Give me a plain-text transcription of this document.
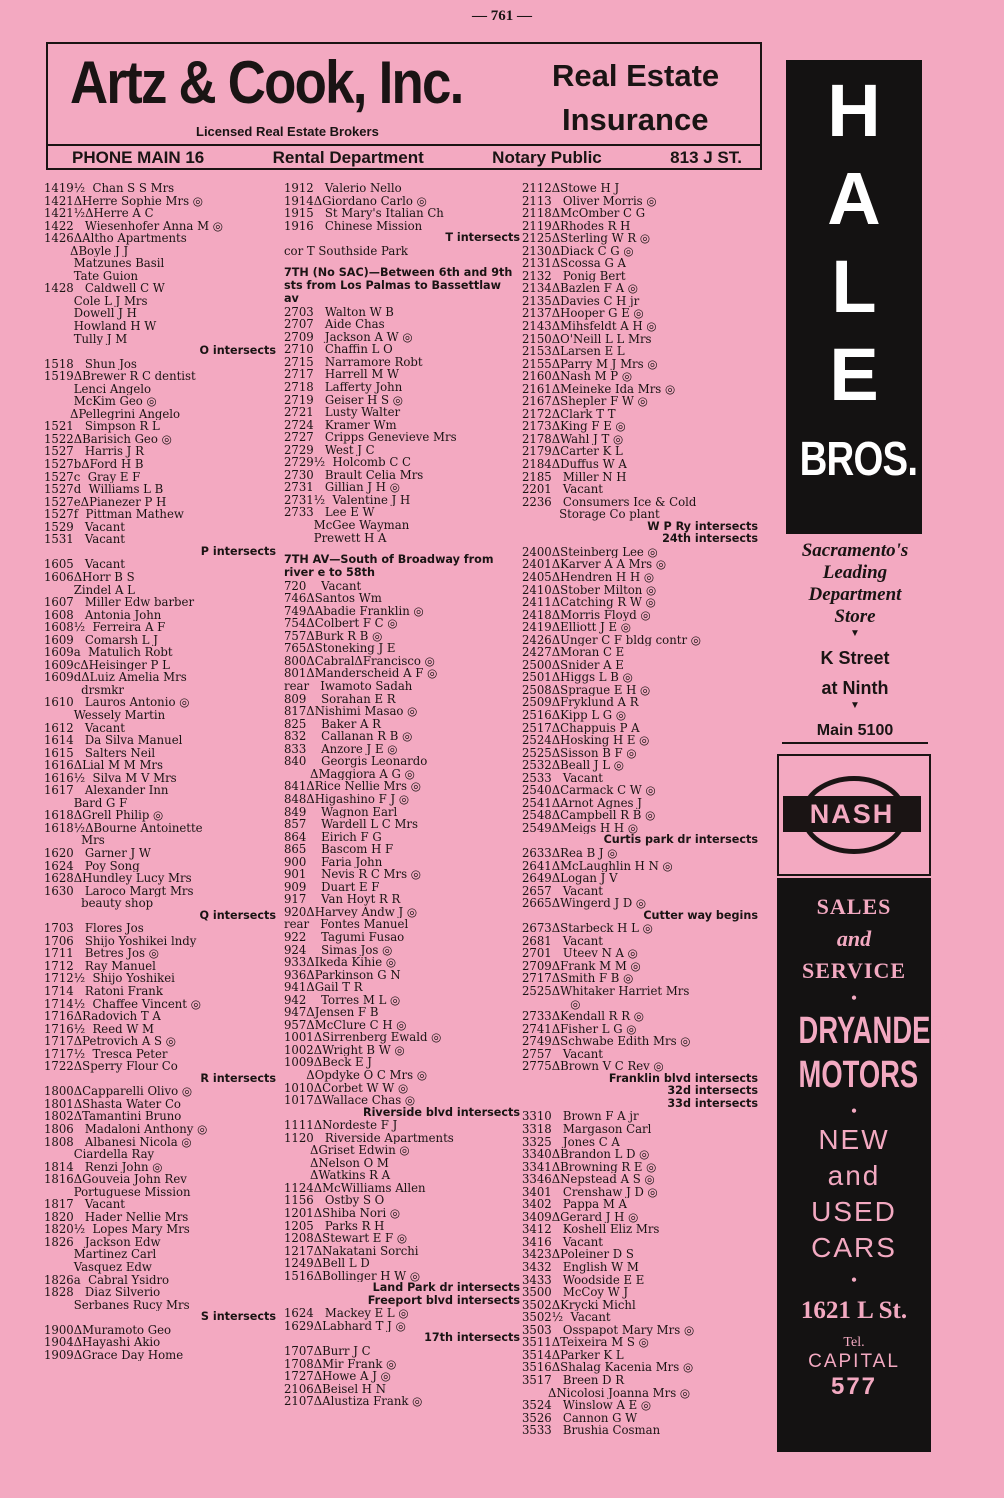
— 761 —
Artz & Cook, Inc.
Licensed Real Estate Brokers
Real Estate
Insurance
PHONE MAIN 16	Rental Department	Notary Public	813 J ST.
1419½  Chan S S Mrs
1421ΔHerre Sophie Mrs ◎
1421½ΔHerre A C
1422   Wiesenhofer Anna M ◎
1426ΔAltho Apartments
ΔBoyle J J
Matzunes Basil
Tate Guion
1428   Caldwell C W
Cole L J Mrs
Dowell J H
Howland H W
Tully J M
O intersects
1518   Shun Jos
1519ΔBrewer R C dentist
Lenci Angelo
McKim Geo ◎
ΔPellegrini Angelo
1521   Simpson R L
1522ΔBarisich Geo ◎
1527   Harris J R
1527bΔFord H B
1527c  Gray E F
1527d  Williams L B
1527eΔPianezer P H
1527f  Pittman Mathew
1529   Vacant
1531   Vacant
P intersects
1605   Vacant
1606ΔHorr B S
Zindel A L
1607   Miller Edw barber
1608   Antonia John
1608½  Ferreira A F
1609   Comarsh L J
1609a  Matulich Robt
1609cΔHeisinger P L
1609dΔLuiz Amelia Mrs
drsmkr
1610   Lauros Antonio ◎
Wessely Martin
1612   Vacant
1614   Da Silva Manuel
1615   Salters Neil
1616ΔLial M M Mrs
1616½  Silva M V Mrs
1617   Alexander Inn
Bard G F
1618ΔGrell Philip ◎
1618½ΔBourne Antoinette
Mrs
1620   Garner J W
1624   Poy Song
1628ΔHundley Lucy Mrs
1630   Laroco Margt Mrs
beauty shop
Q intersects
1703   Flores Jos
1706   Shijo Yoshikei lndy
1711   Betres Jos ◎
1712   Ray Manuel
1712½  Shijo Yoshikei
1714   Ratoni Frank
1714½  Chaffee Vincent ◎
1716ΔRadovich T A
1716½  Reed W M
1717ΔPetrovich A S ◎
1717½  Tresca Peter
1722ΔSperry Flour Co
R intersects
1800ΔCapparelli Olivo ◎
1801ΔShasta Water Co
1802ΔTamantini Bruno
1806   Madaloni Anthony ◎
1808   Albanesi Nicola ◎
Ciardella Ray
1814   Renzi John ◎
1816ΔGouveia John Rev
Portuguese Mission
1817   Vacant
1820   Hader Nellie Mrs
1820½  Lopes Mary Mrs
1826   Jackson Edw
Martinez Carl
Vasquez Edw
1826a  Cabral Ysidro
1828   Diaz Silverio
Serbanes Rucy Mrs
S intersects
1900ΔMuramoto Geo
1904ΔHayashi Akio
1909ΔGrace Day Home
1912   Valerio Nello
1914ΔGiordano Carlo ◎
1915   St Mary's Italian Ch
1916   Chinese Mission
T intersects
cor T Southside Park
7TH (No SAC)—Between 6th and 9th sts from Los Palmas to Bassettlaw av
2703   Walton W B
2707   Aide Chas
2709   Jackson A W ◎
2710   Chaffin L O
2715   Narramore Robt
2717   Harrell M W
2718   Lafferty John
2719   Geiser H S ◎
2721   Lusty Walter
2724   Kramer Wm
2727   Cripps Genevieve Mrs
2729   West J C
2729½  Holcomb C C
2730   Brault Celia Mrs
2731   Gillian J H ◎
2731½  Valentine J H
2733   Lee E W
McGee Wayman
Prewett H A
7TH AV—South of Broadway from river e to 58th
720    Vacant
746ΔSantos Wm
749ΔAbadie Franklin ◎
754ΔColbert F C ◎
757ΔBurk R B ◎
765ΔStoneking J E
800ΔCabralΔFrancisco ◎
801ΔManderscheid A F ◎
rear   Iwamoto Sadah
809    Sorahan E R
817ΔNishimi Masao ◎
825    Baker A R
832    Callanan R B ◎
833    Anzore J E ◎
840    Georgis Leonardo
ΔMaggiora A G ◎
841ΔRice Nellie Mrs ◎
848ΔHigashino F J ◎
849    Wagnon Earl
857    Wardell L C Mrs
864    Eirich F G
865    Bascom H F
900    Faria John
901    Nevis R C Mrs ◎
909    Duart E F
917    Van Hoyt R R
920ΔHarvey Andw J ◎
rear   Fontes Manuel
922    Tagumi Fusao
924    Simas Jos ◎
933ΔIkeda Kihie ◎
936ΔParkinson G N
941ΔGail T R
942    Torres M L ◎
947ΔJensen F B
957ΔMcClure C H ◎
1001ΔSirrenberg Ewald ◎
1002ΔWright B W ◎
1009ΔBeck E J
ΔOpdyke O C Mrs ◎
1010ΔCorbet W W ◎
1017ΔWallace Chas ◎
Riverside blvd intersects
1111ΔNordeste F J
1120   Riverside Apartments
ΔGriset Edwin ◎
ΔNelson O M
ΔWatkins R A
1124ΔMcWilliams Allen
1156   Ostby S O
1201ΔShiba Nori ◎
1205   Parks R H
1208ΔStewart E F ◎
1217ΔNakatani Sorchi
1249ΔBell L D
1516ΔBollinger H W ◎
Land Park dr intersects
Freeport blvd intersects
1624   Mackey E L ◎
1629ΔLabhard T J ◎
17th intersects
1707ΔBurr J C
1708ΔMir Frank ◎
1727ΔHowe A J ◎
2106ΔBeisel H N
2107ΔAlustiza Frank ◎
2112ΔStowe H J
2113   Oliver Morris ◎
2118ΔMcOmber C G
2119ΔRhodes R H
2125ΔSterling W R ◎
2130ΔDiack C G ◎
2131ΔScossa G A
2132   Ponig Bert
2134ΔBazlen F A ◎
2135ΔDavies C H jr
2137ΔHooper G E ◎
2143ΔMihsfeldt A H ◎
2150ΔO'Neill L L Mrs
2153ΔLarsen E L
2155ΔParry M J Mrs ◎
2160ΔNash M P ◎
2161ΔMeineke Ida Mrs ◎
2167ΔShepler F W ◎
2172ΔClark T T
2173ΔKing F E ◎
2178ΔWahl J T ◎
2179ΔCarter K L
2184ΔDuffus W A
2185   Miller N H
2201   Vacant
2236   Consumers Ice & Cold
Storage Co plant
W P Ry intersects
24th intersects
2400ΔSteinberg Lee ◎
2401ΔKarver A A Mrs ◎
2405ΔHendren H H ◎
2410ΔStober Milton ◎
2411ΔCatching R W ◎
2418ΔMorris Floyd ◎
2419ΔElliott J E ◎
2426ΔUnger C F bldg contr ◎
2427ΔMoran C E
2500ΔSnider A E
2501ΔHiggs L B ◎
2508ΔSprague E H ◎
2509ΔFryklund A R
2516ΔKipp L G ◎
2517ΔChappuis P A
2524ΔHosking H E ◎
2525ΔSisson B F ◎
2532ΔBeall J L ◎
2533   Vacant
2540ΔCarmack C W ◎
2541ΔArnot Agnes J
2548ΔCampbell R B ◎
2549ΔMeigs H H ◎
Curtis park dr intersects
2633ΔRea B J ◎
2641ΔMcLaughlin H N ◎
2649ΔLogan J V
2657   Vacant
2665ΔWingerd J D ◎
Cutter way begins
2673ΔStarbeck H L ◎
2681   Vacant
2701   Uteev N A ◎
2709ΔFrank M M ◎
2717ΔSmith F B ◎
2525ΔWhitaker Harriet Mrs
◎
2733ΔKendall R R ◎
2741ΔFisher L G ◎
2749ΔSchwabe Edith Mrs ◎
2757   Vacant
2775ΔBrown V C Rev ◎
Franklin blvd intersects
32d intersects
33d intersects
3310   Brown F A jr
3318   Margason Carl
3325   Jones C A
3340ΔBrandon L D ◎
3341ΔBrowning R E ◎
3346ΔNepstead A S ◎
3401   Crenshaw J D ◎
3402   Pappa M A
3409ΔGerard J H ◎
3412   Koshell Eliz Mrs
3416   Vacant
3423ΔPoleiner D S
3432   English W M
3433   Woodside E E
3500   McCoy W J
3502ΔKrycki Michl
3502½  Vacant
3503   Osspapot Mary Mrs ◎
3511ΔTeixeira M S ◎
3514ΔParker K L
3516ΔShalag Kacenia Mrs ◎
3517   Breen D R
ΔNicolosi Joanna Mrs ◎
3524   Winslow A E ◎
3526   Cannon G W
3533   Brushia Cosman
H
A
L
E
BROS.
Sacramento's
Leading
Department
Store
▼
K Street
at Ninth
▼
Main 5100
NASH
SALES
and
SERVICE
•
DRYANDER
MOTORS
•
NEW
and
USED
CARS
•
1621 L St.
Tel.
CAPITAL
577
